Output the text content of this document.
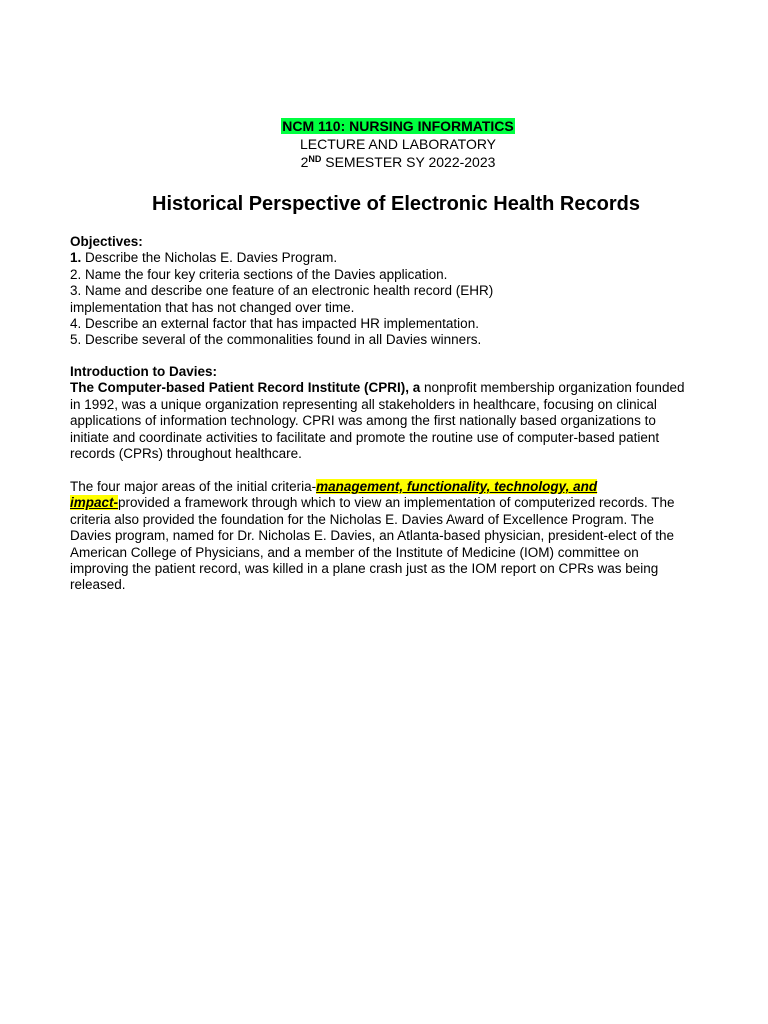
NCM 110: NURSING INFORMATICS
LECTURE AND LABORATORY
2ND SEMESTER SY 2022-2023
Historical Perspective of Electronic Health Records
Objectives:
1. Describe the Nicholas E. Davies Program.
2. Name the four key criteria sections of the Davies application.
3. Name and describe one feature of an electronic health record (EHR)
implementation that has not changed over time.
4. Describe an external factor that has impacted HR implementation.
5. Describe several of the commonalities found in all Davies winners.
Introduction to Davies:
The Computer-based Patient Record Institute (CPRI), a nonprofit membership organization founded
in 1992, was a unique organization representing all stakeholders in healthcare, focusing on clinical
applications of information technology. CPRI was among the first nationally based organizations to
initiate and coordinate activities to facilitate and promote the routine use of computer-based patient
records (CPRs) throughout healthcare.
The four major areas of the initial criteria-management, functionality, technology, and
impact-provided a framework through which to view an implementation of computerized records. The
criteria also provided the foundation for the Nicholas E. Davies Award of Excellence Program. The
Davies program, named for Dr. Nicholas E. Davies, an Atlanta-based physician, president-elect of the
American College of Physicians, and a member of the Institute of Medicine (IOM) committee on
improving the patient record, was killed in a plane crash just as the IOM report on CPRs was being
released.
